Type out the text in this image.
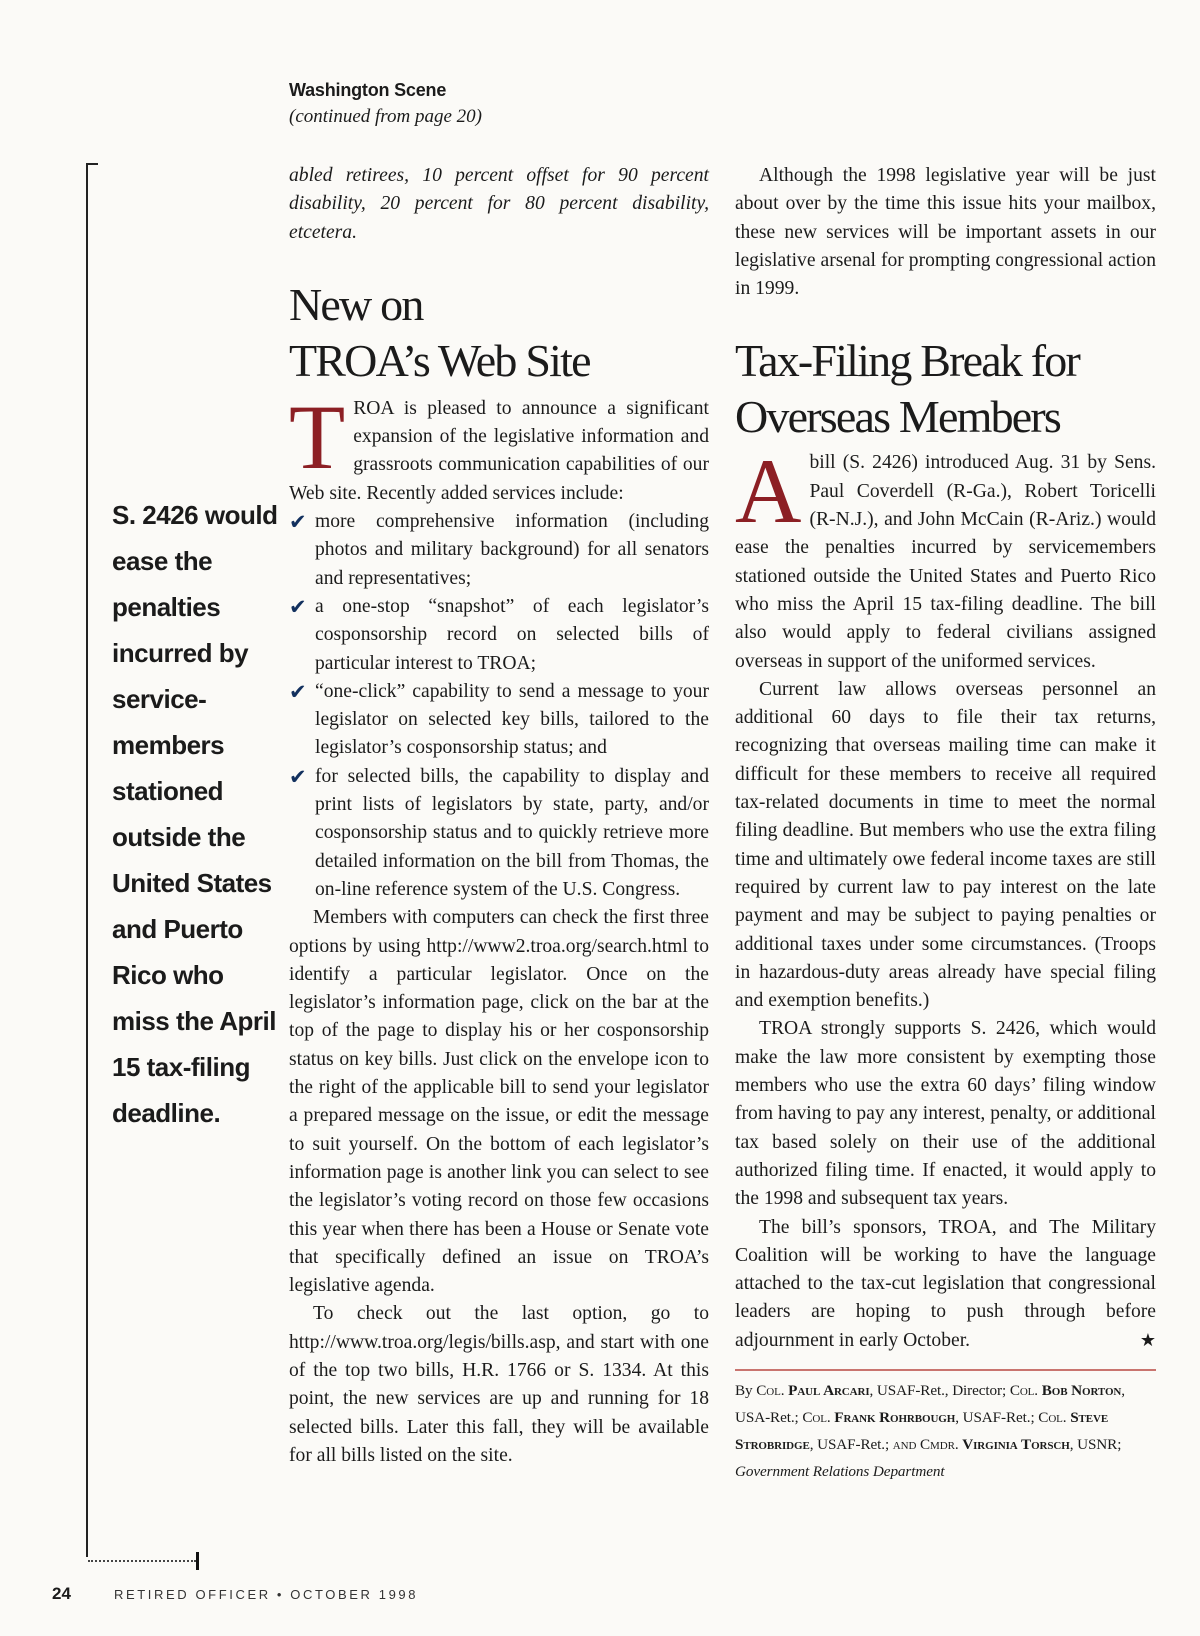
Washington Scene
(continued from page 20)
S. 2426 would ease the penalties incurred by service-members stationed outside the United States and Puerto Rico who miss the April 15 tax-filing deadline.

abled retirees, 10 percent offset for 90 percent disability, 20 percent for 80 percent disability, etcetera.

New on
TROA’s Web Site

TROA is pleased to announce a significant expansion of the legislative information and grassroots communication capabilities of our Web site. Recently added services include:

✔ more comprehensive information (including photos and military background) for all senators and representatives;
✔ a one-stop “snapshot” of each legislator’s cosponsorship record on selected bills of particular interest to TROA;
✔ “one-click” capability to send a message to your legislator on selected key bills, tailored to the legislator’s cosponsorship status; and
✔ for selected bills, the capability to display and print lists of legislators by state, party, and/or cosponsorship status and to quickly retrieve more detailed information on the bill from Thomas, the on-line reference system of the U.S. Congress.

Members with computers can check the first three options by using http://www2.troa.org/search.html to identify a particular legislator. Once on the legislator’s information page, click on the bar at the top of the page to display his or her cosponsorship status on key bills. Just click on the envelope icon to the right of the applicable bill to send your legislator a prepared message on the issue, or edit the message to suit yourself. On the bottom of each legislator’s information page is another link you can select to see the legislator’s voting record on those few occasions this year when there has been a House or Senate vote that specifically defined an issue on TROA’s legislative agenda.

To check out the last option, go to http://www.troa.org/legis/bills.asp, and start with one of the top two bills, H.R. 1766 or S. 1334. At this point, the new services are up and running for 18 selected bills. Later this fall, they will be available for all bills listed on the site.

Although the 1998 legislative year will be just about over by the time this issue hits your mailbox, these new services will be important assets in our legislative arsenal for prompting congressional action in 1999.

Tax-Filing Break for
Overseas Members

Abill (S. 2426) introduced Aug. 31 by Sens. Paul Coverdell (R-Ga.), Robert Toricelli (R-N.J.), and John McCain (R-Ariz.) would ease the penalties incurred by servicemembers stationed outside the United States and Puerto Rico who miss the April 15 tax-filing deadline. The bill also would apply to federal civilians assigned overseas in support of the uniformed services.

Current law allows overseas personnel an additional 60 days to file their tax returns, recognizing that overseas mailing time can make it difficult for these members to receive all required tax-related documents in time to meet the normal filing deadline. But members who use the extra filing time and ultimately owe federal income taxes are still required by current law to pay interest on the late payment and may be subject to paying penalties or additional taxes under some circumstances. (Troops in hazardous-duty areas already have special filing and exemption benefits.)

TROA strongly supports S. 2426, which would make the law more consistent by exempting those members who use the extra 60 days’ filing window from having to pay any interest, penalty, or additional tax based solely on their use of the additional authorized filing time. If enacted, it would apply to the 1998 and subsequent tax years.

The bill’s sponsors, TROA, and The Military Coalition will be working to have the language attached to the tax-cut legislation that congressional leaders are hoping to push through before adjournment in early October.	★

By Col. Paul Arcari, USAF-Ret., Director; Col. Bob Norton, USA-Ret.; Col. Frank Rohrbough, USAF-Ret.; Col. Steve Strobridge, USAF-Ret.; and Cmdr. Virginia Torsch, USNR; Government Relations Department
24	RETIRED OFFICER • OCTOBER 1998
